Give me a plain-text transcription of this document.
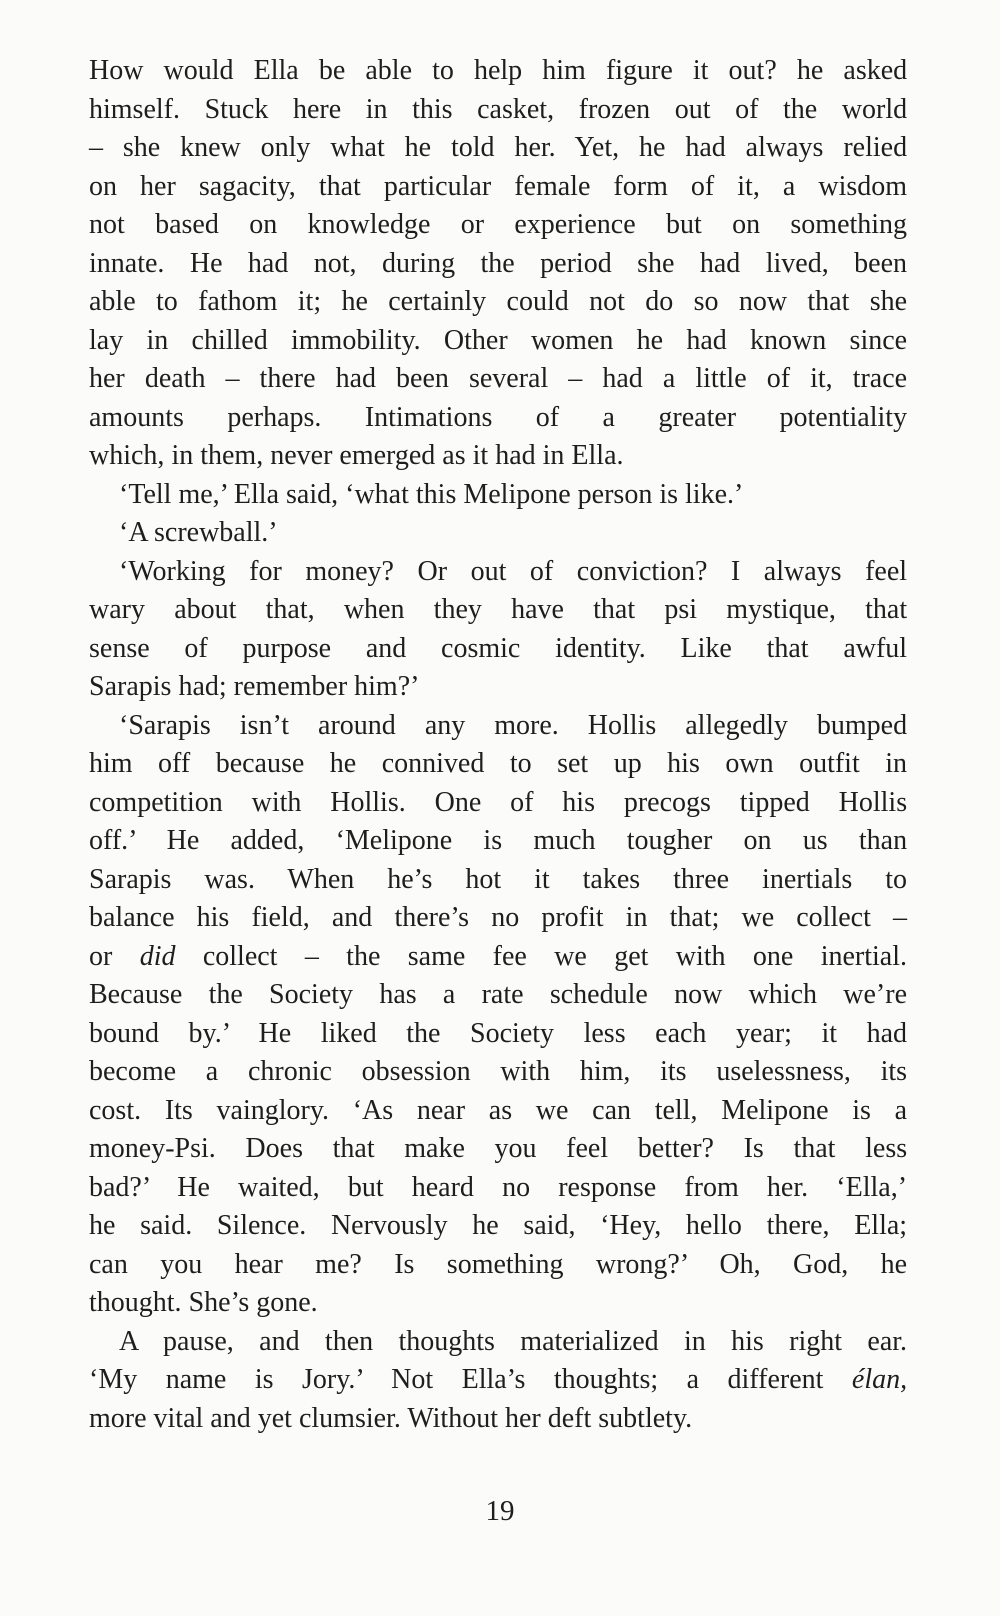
How would Ella be able to help him figure it out? he asked
himself. Stuck here in this casket, frozen out of the world
– she knew only what he told her. Yet, he had always relied
on her sagacity, that particular female form of it, a wisdom
not based on knowledge or experience but on something
innate. He had not, during the period she had lived, been
able to fathom it; he certainly could not do so now that she
lay in chilled immobility. Other women he had known since
her death – there had been several – had a little of it, trace
amounts perhaps. Intimations of a greater potentiality
which, in them, never emerged as it had in Ella.
‘Tell me,’ Ella said, ‘what this Melipone person is like.’
‘A screwball.’
‘Working for money? Or out of conviction? I always feel
wary about that, when they have that psi mystique, that
sense of purpose and cosmic identity. Like that awful
Sarapis had; remember him?’
‘Sarapis isn’t around any more. Hollis allegedly bumped
him off because he connived to set up his own outfit in
competition with Hollis. One of his precogs tipped Hollis
off.’ He added, ‘Melipone is much tougher on us than
Sarapis was. When he’s hot it takes three inertials to
balance his field, and there’s no profit in that; we collect –
or did collect – the same fee we get with one inertial.
Because the Society has a rate schedule now which we’re
bound by.’ He liked the Society less each year; it had
become a chronic obsession with him, its uselessness, its
cost. Its vainglory. ‘As near as we can tell, Melipone is a
money-Psi. Does that make you feel better? Is that less
bad?’ He waited, but heard no response from her. ‘Ella,’
he said. Silence. Nervously he said, ‘Hey, hello there, Ella;
can you hear me? Is something wrong?’ Oh, God, he
thought. She’s gone.
A pause, and then thoughts materialized in his right ear.
‘My name is Jory.’ Not Ella’s thoughts; a different élan,
more vital and yet clumsier. Without her deft subtlety.
19
